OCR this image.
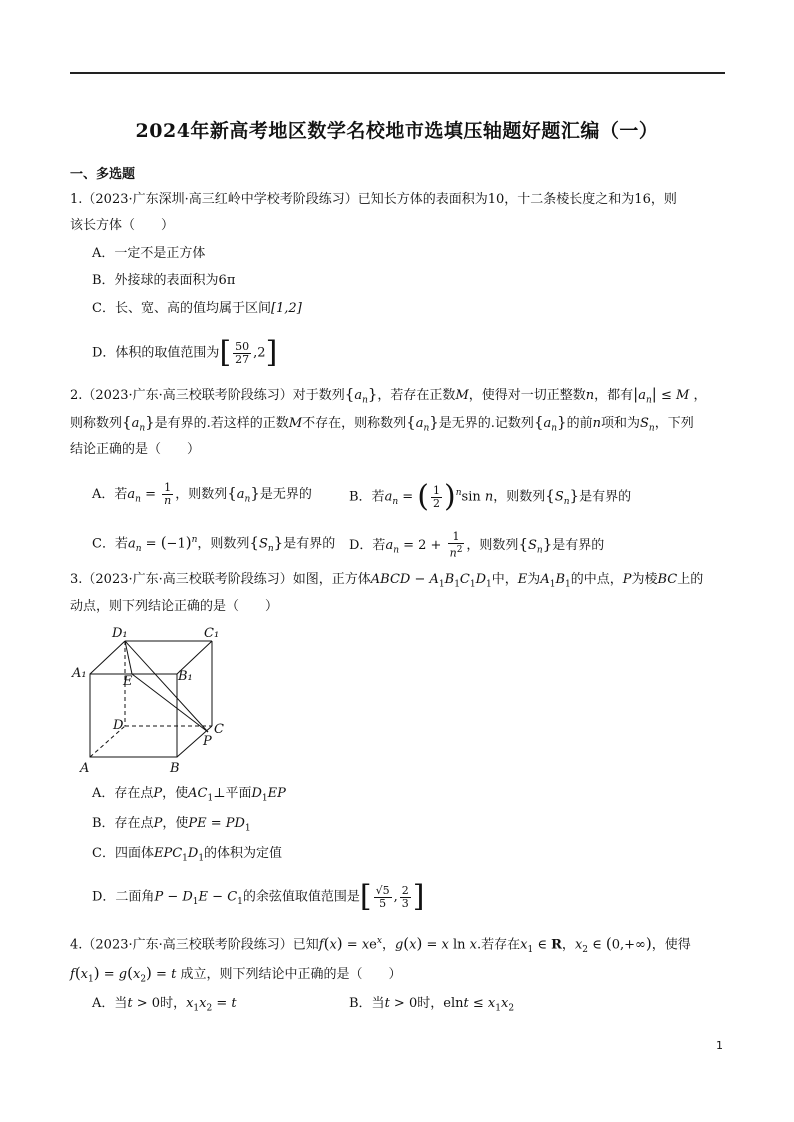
2024年新高考地区数学名校地市选填压轴题好题汇编（一）
一、多选题
1.（2023·广东深圳·高三红岭中学校考阶段练习）已知长方体的表面积为10，十二条棱长度之和为16，则
该长方体（　　）
A．一定不是正方体
B．外接球的表面积为6π
C．长、宽、高的值均属于区间[1,2]
D．体积的取值范围为[ $\frac{50}{27} ,2$]
2.（2023·广东·高三校联考阶段练习）对于数列$\{a_n\}$，若存在正数M，使得对一切正整数n，都有$|a_n| \le M$ ，
则称数列$\{a_n\}$是有界的.若这样的正数M不存在，则称数列$\{a_n\}$是无界的.记数列$\{a_n\}$的前n项和为$S_n$，下列
结论正确的是（　　）
A．若$a_n = \frac{1}{n}$ ，则数列$\{a_n\}$是无界的	B．若$a_n$ = ( $\frac{1}{2} )^n\sin$ n，则数列$\{S_n\}$是有界的
C．若$a_n = (-1)^n$，则数列$\{S_n\}$是有界的 D．若$a_n = 2 + \frac{1}{n^2}$ ，则数列$\{S_n\}$是有界的
3.（2023·广东·高三校联考阶段练习）如图，正方体ABCD − $A_1B_1C_1D_1$中，E为$A_1B_1$的中点，P为棱BC上的
动点，则下列结论正确的是（　　）
D₁	C₁
A₁
E	B₁
D	C
P
A	B
A．存在点P，使$AC_1\perp$平面$D_1EP$
B．存在点P，使PE = $PD_1$
C．四面体$EPC_1D_1$的体积为定值
D．二面角$P - D_1E - C_1$的余弦值取值范围是[ $\frac{√5}{5}$ , $\frac{2}{3}$ ]
4.（2023·广东·高三校联考阶段练习）已知$f(x) = xe^x$，g(x) = x ln x.若存在$x_1$ ∈ R，$x_2$ ∈ (0,+∞)，使得
$f(x_1) = g(x_2) = t$ 成立，则下列结论中正确的是（　　）
A．当t > 0时，$x_1x_2 = t$	B．当t > 0时，$elnt \le x_1x_2$
1
